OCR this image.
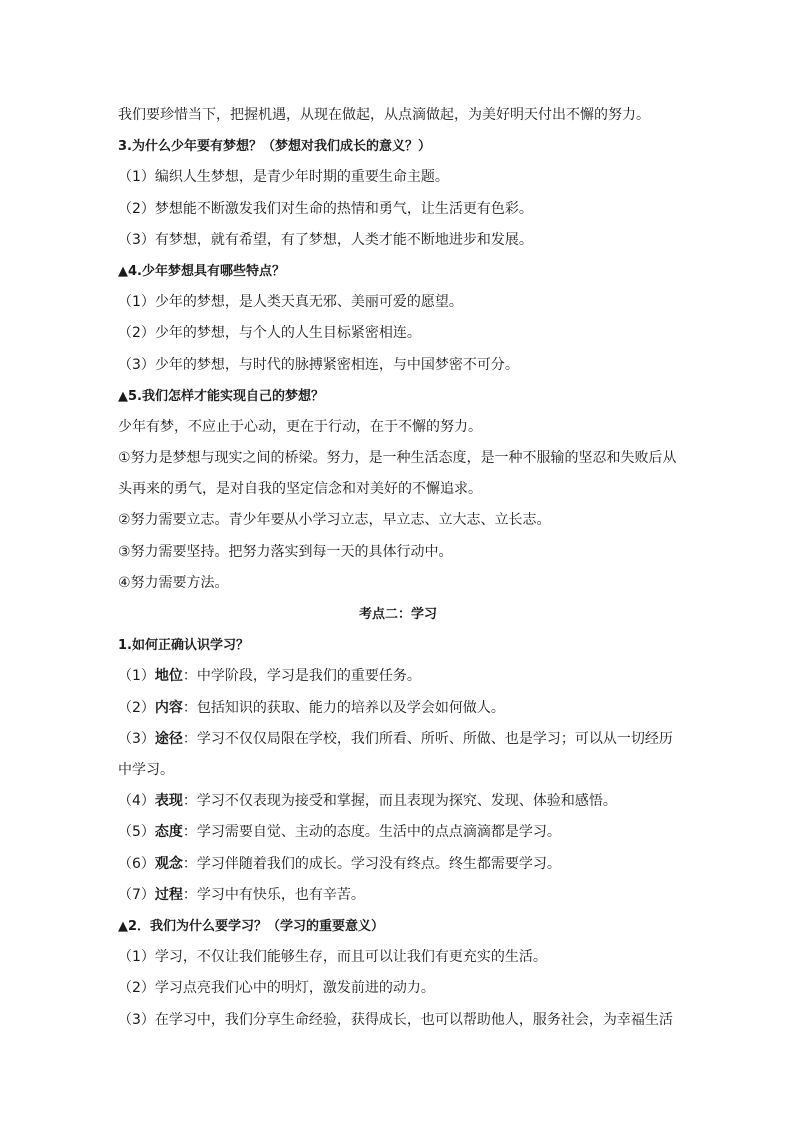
我们要珍惜当下，把握机遇，从现在做起，从点滴做起，为美好明天付出不懈的努力。
3.为什么少年要有梦想？（梦想对我们成长的意义？）
（1）编织人生梦想，是青少年时期的重要生命主题。
（2）梦想能不断激发我们对生命的热情和勇气，让生活更有色彩。
（3）有梦想，就有希望，有了梦想，人类才能不断地进步和发展。
▲4.少年梦想具有哪些特点？
（1）少年的梦想，是人类天真无邪、美丽可爱的愿望。
（2）少年的梦想，与个人的人生目标紧密相连。
（3）少年的梦想，与时代的脉搏紧密相连，与中国梦密不可分。
▲5.我们怎样才能实现自己的梦想？
少年有梦，不应止于心动，更在于行动，在于不懈的努力。
①努力是梦想与现实之间的桥梁。努力，是一种生活态度，是一种不服输的坚忍和失败后从头再来的勇气，是对自我的坚定信念和对美好的不懈追求。
②努力需要立志。青少年要从小学习立志，早立志、立大志、立长志。
③努力需要坚持。把努力落实到每一天的具体行动中。
④努力需要方法。
考点二：学习
1.如何正确认识学习？
（1）地位：中学阶段，学习是我们的重要任务。
（2）内容：包括知识的获取、能力的培养以及学会如何做人。
（3）途径：学习不仅仅局限在学校，我们所看、所听、所做、也是学习；可以从一切经历中学习。
（4）表现：学习不仅表现为接受和掌握，而且表现为探究、发现、体验和感悟。
（5）态度：学习需要自觉、主动的态度。生活中的点点滴滴都是学习。
（6）观念：学习伴随着我们的成长。学习没有终点。终生都需要学习。
（7）过程：学习中有快乐，也有辛苦。
▲2．我们为什么要学习？（学习的重要意义）
（1）学习，不仅让我们能够生存，而且可以让我们有更充实的生活。
（2）学习点亮我们心中的明灯，激发前进的动力。
（3）在学习中，我们分享生命经验，获得成长，也可以帮助他人，服务社会，为幸福生活
